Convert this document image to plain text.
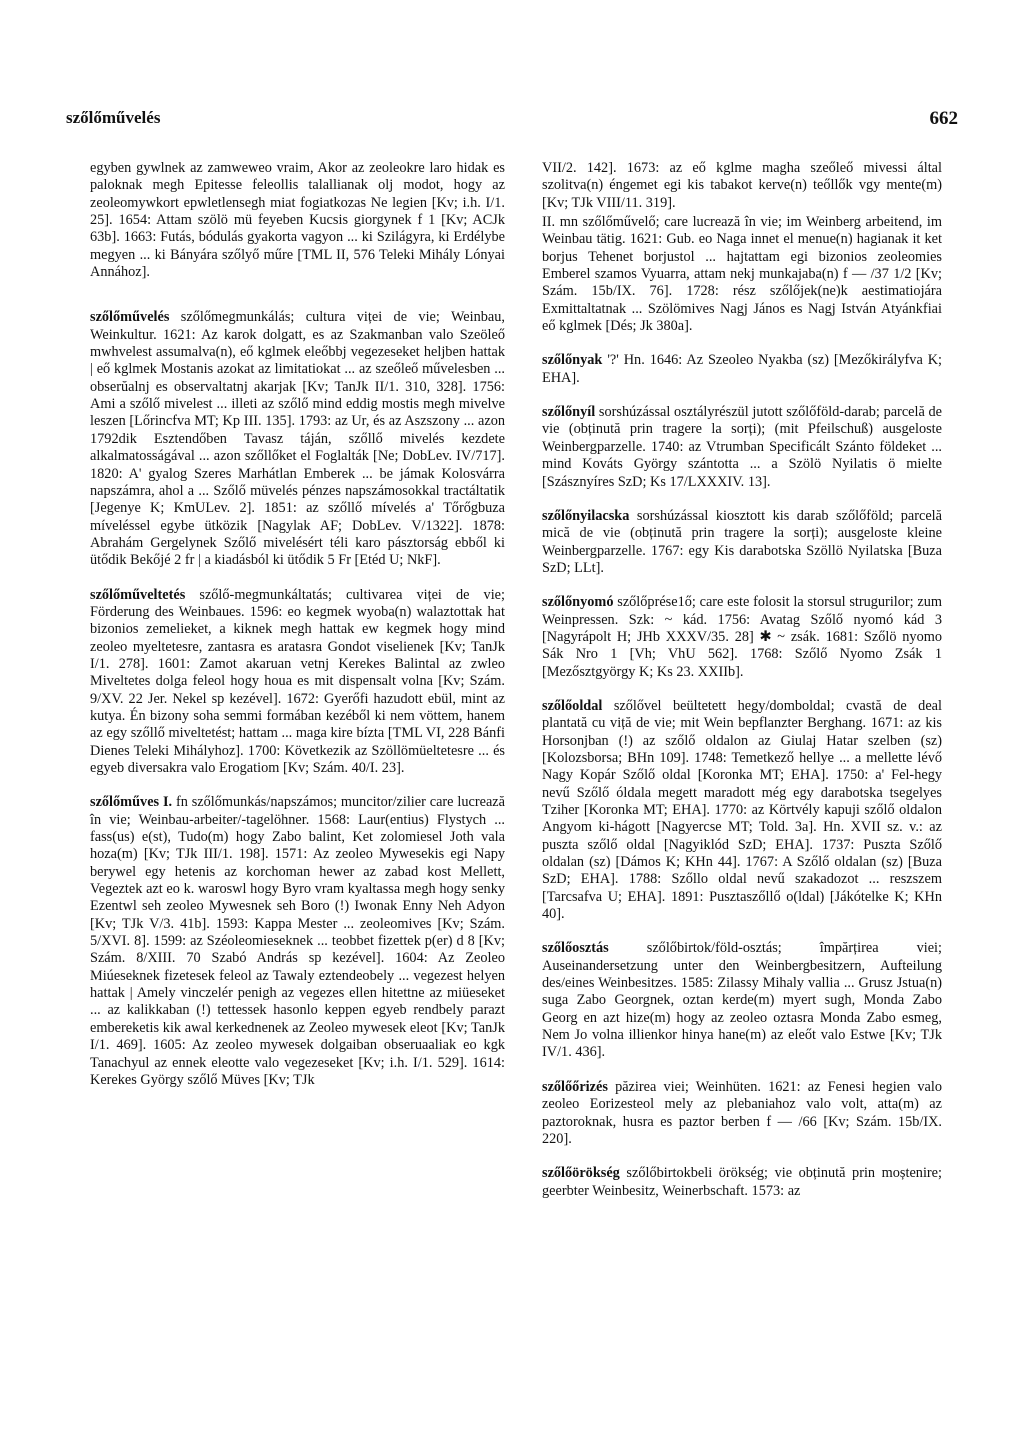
szőlőművelés	662

egyben gywlnek az zamweweo vraim, Akor az zeoleokre laro hidak es paloknak megh Epitesse feleollis talallianak olj modot, hogy az zeoleomywkort epwletlensegh miat fogiatkozas Ne legien [Kv; i.h. I/1. 25]. 1654: Attam szölö mü feyeben Kucsis giorgynek f 1 [Kv; ACJk 63b]. 1663: Futás, bódulás gyakorta vagyon ... ki Szilágyra, ki Erdélybe megyen ... ki Bányára szőlyő műre [TML II, 576 Teleki Mihály Lónyai Annához].

szőlőművelés szőlőmegmunkálás; cultura viței de vie; Weinbau, Weinkultur. 1621: Az karok dolgatt, es az Szakmanban valo Szeöleő mwhvelest assumalva(n), eő kglmek eleőbbj vegezeseket heljben hattak | eő kglmek Mostanis azokat az limitatiokat ... az szeőleő művelesben ... obserŭalnj es observaltatnj akarjak [Kv; TanJk II/1. 310, 328]. 1756: Ami a szőlő mivelest ... illeti az szőlő mind eddig mostis megh mivelve leszen [Lőrincfva MT; Kp III. 135]. 1793: az Ur, és az Aszszony ... azon 1792dik Esztendőben Tavasz táján, szőllő mivelés kezdete alkalmatosságával ... azon szőllőket el Foglalták [Ne; DobLev. IV/717]. 1820: A' gyalog Szeres Marhátlan Emberek ... be jámak Kolosvárra napszámra, ahol a ... Szőlő müvelés pénzes napszámosokkal tractáltatik [Jegenye K; KmULev. 2]. 1851: az szőllő mívelés a' Tőrőgbuza míveléssel egybe ütközik [Nagylak AF; DobLev. V/1322]. 1878: Abrahám Gergelynek Szőlő mivelésért téli karo pásztorság ebből ki ütődik Bekőjé 2 fr | a kiadásból ki ütődik 5 Fr [Etéd U; NkF].

szőlőműveltetés szőlő-megmunkáltatás; cultivarea viței de vie; Förderung des Weinbaues. 1596: eo kegmek wyoba(n) walaztottak hat bizonios zemelieket, a kiknek megh hattak ew kegmek hogy mind zeoleo myeltetesre, zantasra es aratasra Gondot viselienek [Kv; TanJk I/1. 278]. 1601: Zamot akaruan vetnj Kerekes Balintal az zwleo Miveltetes dolga feleol hogy houa es mit dispensalt volna [Kv; Szám. 9/XV. 22 Jer. Nekel sp kezével]. 1672: Gyerőfi hazudott ebül, mint az kutya. Én bizony soha semmi formában kezéből ki nem vöttem, hanem az egy szőllő miveltetést; hattam ... maga kire bízta [TML VI, 228 Bánfi Dienes Teleki Mihályhoz]. 1700: Következik az Szöllömüeltetesre ... és egyeb diversakra valo Erogatiom [Kv; Szám. 40/I. 23].

szőlőműves I. fn szőlőmunkás/napszámos; muncitor/zilier care lucrează în vie; Weinbau-arbeiter/-tagelöhner. 1568: Laur(entius) Flystych ... fass(us) e(st), Tudo(m) hogy Zabo balint, Ket zolomiesel Joth vala hoza(m) [Kv; TJk III/1. 198]. 1571: Az zeoleo Mywesekis egi Napy berywel egy hetenis az korchoman hewer az zabad kost Mellett, Vegeztek azt eo k. waroswl hogy Byro vram kyaltassa megh hogy senky Ezentwl seh zeoleo Mywesnek seh Boro (!) Iwonak Enny Neh Adyon [Kv; TJk V/3. 41b]. 1593: Kappa Mester ... zeoleomives [Kv; Szám. 5/XVI. 8]. 1599: az Széoleomieseknek ... teobbet fizettek p(er) d 8 [Kv; Szám. 8/XIII. 70 Szabó András sp kezével]. 1604: Az Zeoleo Miúeseknek fizetesek feleol az Tawaly eztendeobely ... vegezest helyen hattak | Amely vinczelér penigh az vegezes ellen hitettne az miüeseket ... az kalikkaban (!) tettessek hasonlo keppen egyeb rendbely parazt embereketis kik awal kerkednenek az Zeoleo mywesek eleot [Kv; TanJk I/1. 469]. 1605: Az zeoleo mywesek dolgaiban obseruaaliak eo kgk Tanachyul az ennek eleotte valo vegezeseket [Kv; i.h. I/1. 529]. 1614: Kerekes György szőlő Müves [Kv; TJk

VII/2. 142]. 1673: az eő kglme magha szeőleő mivessi által szolitva(n) éngemet egi kis tabakot kerve(n) teőllők vgy mente(m) [Kv; TJk VIII/11. 319].

II. mn szőlőművelő; care lucrează în vie; im Weinberg arbeitend, im Weinbau tätig. 1621: Gub. eo Naga innet el menue(n) hagianak it ket borjus Tehenet borjustol ... hajtattam egi bizonios zeoleomies Emberel szamos Vyuarra, attam nekj munkajaba(n) f — /37 1/2 [Kv; Szám. 15b/IX. 76]. 1728: rész szőlőjek(ne)k aestimatiojára Exmittaltatnak ... Szölömives Nagj János es Nagj István Atyánkfiai eő kglmek [Dés; Jk 380a].

szőlőnyak '?' Hn. 1646: Az Szeoleo Nyakba (sz) [Mezőkirályfva K; EHA].

szőlőnyíl sorshúzással osztályrészül jutott szőlőföld-darab; parcelă de vie (obținută prin tragere la sorți); (mit Pfeilschuß) ausgeloste Weinbergparzelle. 1740: az Vtrumban Specificált Szánto földeket ... mind Kováts György szántotta ... a Szölö Nyilatis ö mielte [Szásznyíres SzD; Ks 17/LXXXIV. 13].

szőlőnyilacska sorshúzással kiosztott kis darab szőlőföld; parcelă mică de vie (obținută prin tragere la sorți); ausgeloste kleine Weinbergparzelle. 1767: egy Kis darabotska Szöllö Nyilatska [Buza SzD; LLt].

szőlőnyomó szőlőprése1ő; care este folosit la storsul strugurilor; zum Weinpressen. Szk: ~ kád. 1756: Avatag Szőlő nyomó kád 3 [Nagyrápolt H; JHb XXXV/35. 28] ✱ ~ zsák. 1681: Szőlö nyomo Sák Nro 1 [Vh; VhU 562]. 1768: Szőlő Nyomo Zsák 1 [Mezősztgyörgy K; Ks 23. XXIIb].

szőlőoldal szőlővel beültetett hegy/domboldal; cvastă de deal plantată cu viță de vie; mit Wein bepflanzter Berghang. 1671: az kis Horsonjban (!) az szőlő oldalon az Giulaj Hatar szelben (sz) [Kolozsborsa; BHn 109]. 1748: Temetkező hellye ... a mellette lévő Nagy Kopár Szőlő oldal [Koronka MT; EHA]. 1750: a' Fel-hegy nevű Szőlő óldala megett maradott még egy darabotska tsegelyes Tziher [Koronka MT; EHA]. 1770: az Körtvély kapuji szőlő oldalon Angyom ki-hágott [Nagyercse MT; Told. 3a]. Hn. XVII sz. v.: az puszta szőlő oldal [Nagyiklód SzD; EHA]. 1737: Puszta Szőlő oldalan (sz) [Dámos K; KHn 44]. 1767: A Szőlő oldalan (sz) [Buza SzD; EHA]. 1788: Szőllo oldal nevű szakadozot ... reszszem [Tarcsafva U; EHA]. 1891: Pusztaszőllő o(ldal) [Jákótelke K; KHn 40].

szőlőosztás	szőlőbirtok/föld-osztás; împărțirea viei; Auseinandersetzung unter den Weinbergbesitzern, Aufteilung des/eines Weinbesitzes. 1585: Zilassy Mihaly vallia ... Grusz Jstua(n) suga Zabo Georgnek, oztan kerde(m) myert sugh, Monda Zabo Georg en azt hize(m) hogy az zeoleo oztasra Monda Zabo esmeg, Nem Jo volna illienkor hinya hane(m) az eleőt valo Estwe [Kv; TJk IV/1. 436].

szőlőőrizés păzirea viei; Weinhüten. 1621: az Fenesi hegien valo zeoleo Eorizesteol mely az plebaniahoz valo volt, atta(m) az paztoroknak, husra es paztor berben f — /66 [Kv; Szám. 15b/IX. 220].

szőlőörökség szőlőbirtokbeli örökség; vie obținută prin moștenire; geerbter Weinbesitz, Weinerbschaft. 1573: az
